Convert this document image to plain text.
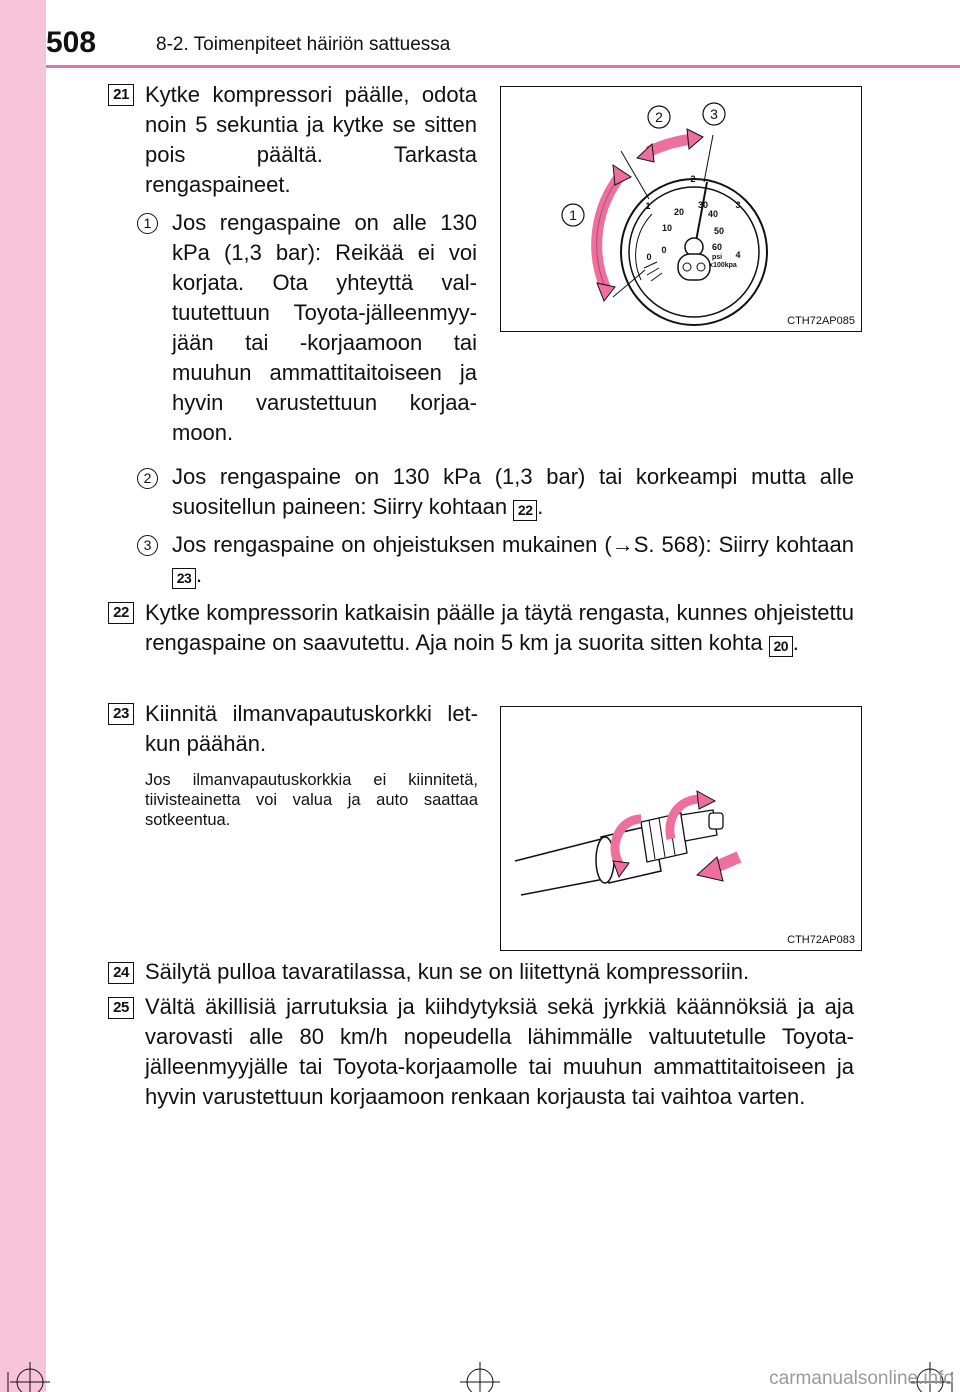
508	8-2. Toimenpiteet häiriön sattuessa
21 Kytke kompressori päälle, odota noin 5 sekuntia ja kytke se sitten pois päältä. Tarkasta rengaspaineet.
1 Jos rengaspaine on alle 130 kPa (1,3 bar): Reikää ei voi korjata. Ota yhteyttä valtuutettuun Toyota-jälleenmyyjään tai -korjaamoon tai muuhun ammattitaitoiseen ja hyvin varustettuun korjaamoon.
1
2	3
1
2
3
4
0
10
20
30
40
50
60
0	psi
x100kpa
CTH72AP085
2 Jos rengaspaine on 130 kPa (1,3 bar) tai korkeampi mutta alle suositellun paineen: Siirry kohtaan 22 .
3 Jos rengaspaine on ohjeistuksen mukainen (→S. 568): Siirry kohtaan 23 .
22 Kytke kompressorin katkaisin päälle ja täytä rengasta, kunnes ohjeistettu rengaspaine on saavutettu. Aja noin 5 km ja suorita sitten kohta 20 .
23 Kiinnitä ilmanvapautuskorkki letkun päähän.
Jos ilmanvapautuskorkkia ei kiinnitetä, tiivisteainetta voi valua ja auto saattaa sotkeentua.
CTH72AP083
24 Säilytä pulloa tavaratilassa, kun se on liitettynä kompressoriin.
25 Vältä äkillisiä jarrutuksia ja kiihdytyksiä sekä jyrkkiä käännöksiä ja aja varovasti alle 80 km/h nopeudella lähimmälle valtuutetulle Toyota-jälleenmyyjälle tai Toyota-korjaamolle tai muuhun ammattitaitoiseen ja hyvin varustettuun korjaamoon renkaan korjausta tai vaihtoa varten.
carmanualsonline.info
